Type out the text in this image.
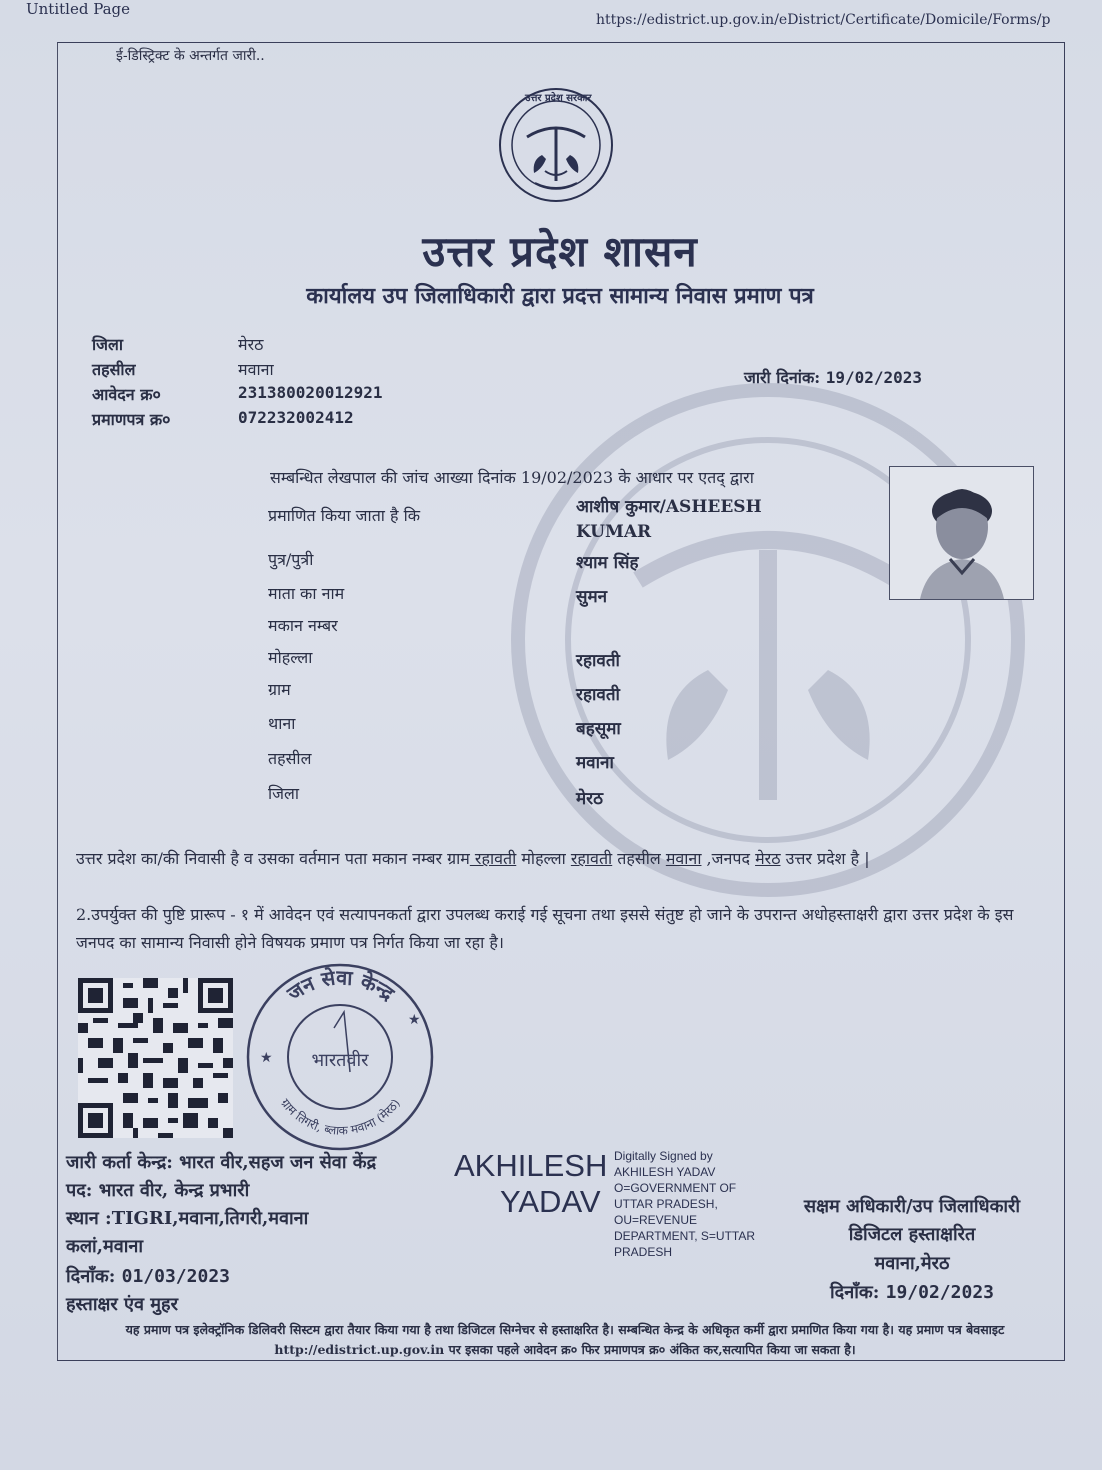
Untitled Page
https://edistrict.up.gov.in/eDistrict/Certificate/Domicile/Forms/p
ई-डिस्ट्रिक्ट के अन्तर्गत जारी..
उत्तर प्रदेश सरकार
उत्तर प्रदेश शासन
कार्यालय उप जिलाधिकारी द्वारा प्रदत्त सामान्य निवास प्रमाण पत्र
जिला	मेरठ
तहसील	मवाना
आवेदन क्र०	231380020012921
प्रमाणपत्र क्र०	072232002412
जारी दिनांक: 19/02/2023
सम्बन्धित लेखपाल की जांच आख्या दिनांक 19/02/2023 के आधार पर एतद् द्वारा
प्रमाणित किया जाता है कि	आशीष कुमार/ASHEESH
KUMAR
पुत्र/पुत्री	श्याम सिंह
माता का नाम	सुमन
मकान नम्बर
मोहल्ला	रहावती
ग्राम	रहावती
थाना	बहसूमा
तहसील	मवाना
जिला	मेरठ
उत्तर प्रदेश का/की निवासी है व उसका वर्तमान पता मकान नम्बर ग्राम रहावती मोहल्ला रहावती तहसील मवाना ,जनपद मेरठ उत्तर प्रदेश है |
2.उपर्युक्त की पुष्टि प्रारूप - १ में आवेदन एवं सत्यापनकर्ता द्वारा उपलब्ध कराई गई सूचना तथा इससे संतुष्ट हो जाने के उपरान्त अधोहस्ताक्षरी द्वारा उत्तर प्रदेश के इस जनपद का सामान्य निवासी होने विषयक प्रमाण पत्र निर्गत किया जा रहा है।
जन सेवा केन्द्र
ग्राम तिगरी, ब्लाक मवाना (मेरठ)
भारतवीर
★
★
जारी कर्ता केन्द्र: भारत वीर,सहज जन सेवा केंद्र
पद: भारत वीर, केन्द्र प्रभारी
स्थान :TIGRI,मवाना,तिगरी,मवाना
कलां,मवाना
दिनाँक: 01/03/2023
हस्ताक्षर एंव मुहर
AKHILESH
YADAV
Digitally Signed by
AKHILESH YADAV
O=GOVERNMENT OF
UTTAR PRADESH,
OU=REVENUE
DEPARTMENT, S=UTTAR
PRADESH
सक्षम अधिकारी/उप जिलाधिकारी
डिजिटल हस्ताक्षरित
मवाना,मेरठ
दिनाँक: 19/02/2023
यह प्रमाण पत्र इलेक्ट्रॉनिक डिलिवरी सिस्टम द्वारा तैयार किया गया है तथा डिजिटल सिग्नेचर से हस्ताक्षरित है। सम्बन्धित केन्द्र के अधिकृत कर्मी द्वारा प्रमाणित किया गया है। यह प्रमाण पत्र बेवसाइट http://edistrict.up.gov.in पर इसका पहले आवेदन क्र० फिर प्रमाणपत्र क्र० अंकित कर,सत्यापित किया जा सकता है।
